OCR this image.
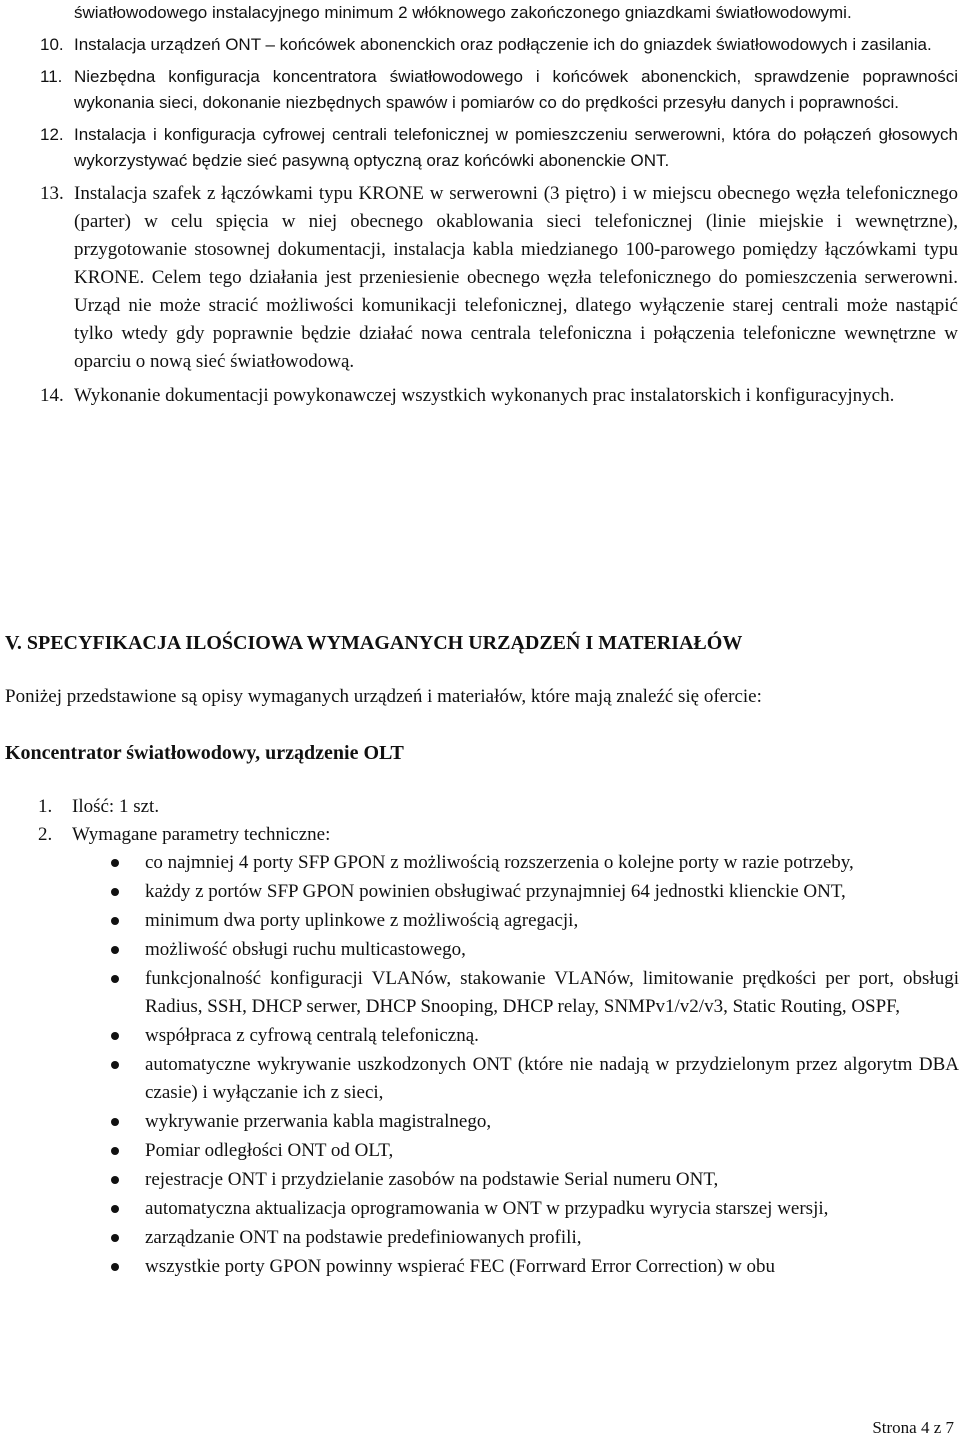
światłowodowego instalacyjnego minimum 2 włóknowego zakończonego gniazdkami światłowodowymi.
10. Instalacja urządzeń ONT – końcówek abonenckich oraz podłączenie ich do gniazdek światłowodowych i zasilania.
11. Niezbędna konfiguracja koncentratora światłowodowego i końcówek abonenckich, sprawdzenie poprawności wykonania sieci, dokonanie niezbędnych spawów i pomiarów co do prędkości przesyłu danych i poprawności.
12. Instalacja i konfiguracja cyfrowej centrali telefonicznej w pomieszczeniu serwerowni, która do połączeń głosowych wykorzystywać będzie sieć pasywną optyczną oraz końcówki abonenckie ONT.
13. Instalacja szafek z łączówkami typu KRONE w serwerowni (3 piętro) i w miejscu obecnego węzła telefonicznego (parter) w celu spięcia w niej obecnego okablowania sieci telefonicznej (linie miejskie i wewnętrzne), przygotowanie stosownej dokumentacji, instalacja kabla miedzianego 100-parowego pomiędzy łączówkami typu KRONE. Celem tego działania jest przeniesienie obecnego węzła telefonicznego do pomieszczenia serwerowni. Urząd nie może stracić możliwości komunikacji telefonicznej, dlatego wyłączenie starej centrali może nastąpić tylko wtedy gdy poprawnie będzie działać nowa centrala telefoniczna i połączenia telefoniczne wewnętrzne w oparciu o nową sieć światłowodową.
14. Wykonanie dokumentacji powykonawczej wszystkich wykonanych prac instalatorskich i konfiguracyjnych.
V. SPECYFIKACJA ILOŚCIOWA WYMAGANYCH URZĄDZEŃ I MATERIAŁÓW
Poniżej przedstawione są opisy wymaganych urządzeń i materiałów, które mają znaleźć się ofercie:
Koncentrator światłowodowy, urządzenie OLT
1. Ilość: 1 szt.
2. Wymagane parametry techniczne:
co najmniej 4 porty SFP GPON z możliwością rozszerzenia o kolejne porty w razie potrzeby,
każdy z portów SFP GPON powinien obsługiwać przynajmniej 64 jednostki klienckie ONT,
minimum dwa porty uplinkowe z możliwością agregacji,
możliwość obsługi ruchu multicastowego,
funkcjonalność konfiguracji VLANów, stakowanie VLANów, limitowanie prędkości per port, obsługi Radius, SSH, DHCP serwer, DHCP Snooping, DHCP relay, SNMPv1/v2/v3, Static Routing, OSPF,
współpraca z cyfrową centralą telefoniczną.
automatyczne wykrywanie uszkodzonych ONT (które nie nadają w przydzielonym przez algorytm DBA czasie) i wyłączanie ich z sieci,
wykrywanie przerwania kabla magistralnego,
Pomiar odległości ONT od OLT,
rejestracje ONT i przydzielanie zasobów na podstawie Serial numeru ONT,
automatyczna aktualizacja oprogramowania w ONT w przypadku wyrycia starszej wersji,
zarządzanie ONT na podstawie predefiniowanych profili,
wszystkie porty GPON powinny wspierać FEC (Forrward Error Correction) w obu
Strona 4 z 7
